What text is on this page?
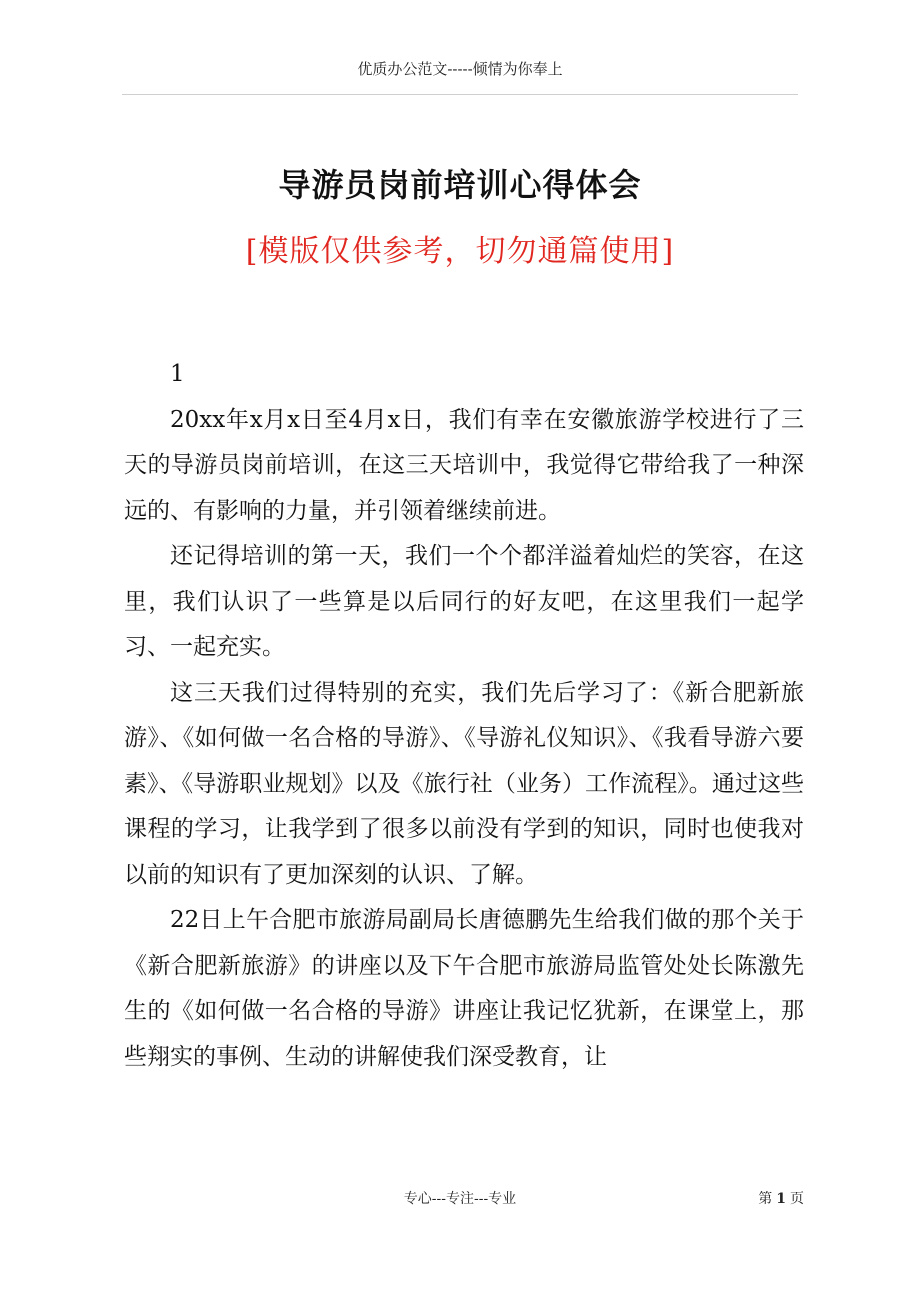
优质办公范文-----倾情为你奉上
导游员岗前培训心得体会
[模版仅供参考，切勿通篇使用]

1

20xx年x月x日至4月x日，我们有幸在安徽旅游学校进行了三天的导游员岗前培训，在这三天培训中，我觉得它带给我了一种深远的、有影响的力量，并引领着继续前进。

还记得培训的第一天，我们一个个都洋溢着灿烂的笑容，在这里，我们认识了一些算是以后同行的好友吧，在这里我们一起学习、一起充实。

这三天我们过得特别的充实，我们先后学习了：《新合肥新旅游》、《如何做一名合格的导游》、《导游礼仪知识》、《我看导游六要素》、《导游职业规划》以及《旅行社（业务）工作流程》。通过这些课程的学习，让我学到了很多以前没有学到的知识，同时也使我对以前的知识有了更加深刻的认识、了解。

22日上午合肥市旅游局副局长唐德鹏先生给我们做的那个关于《新合肥新旅游》的讲座以及下午合肥市旅游局监管处处长陈激先生的《如何做一名合格的导游》讲座让我记忆犹新，在课堂上，那些翔实的事例、生动的讲解使我们深受教育，让

专心---专注---专业	第 1 页
